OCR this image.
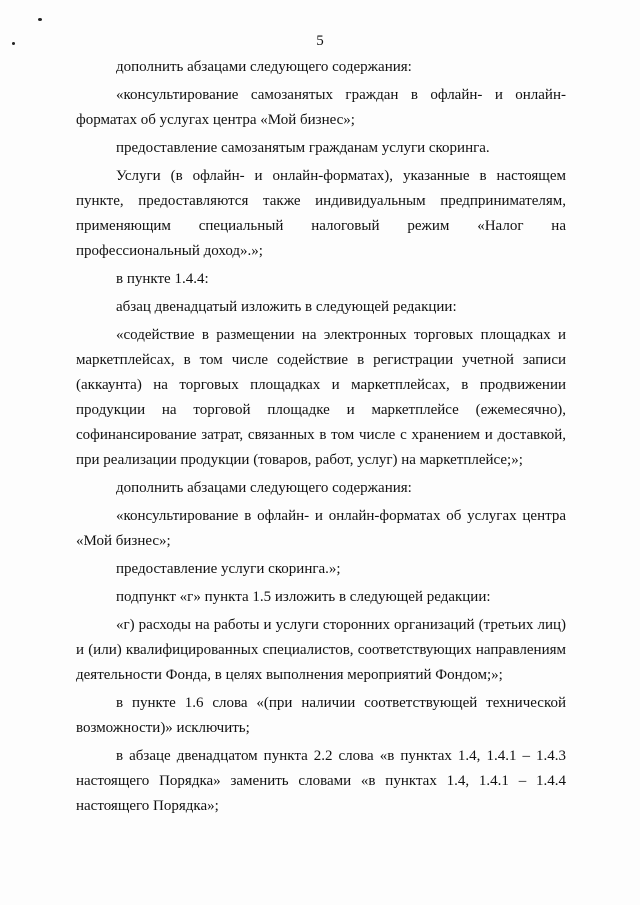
5

дополнить абзацами следующего содержания:

«консультирование самозанятых граждан в офлайн- и онлайн-форматах об услугах центра «Мой бизнес»;

предоставление самозанятым гражданам услуги скоринга.

Услуги (в офлайн- и онлайн-форматах), указанные в настоящем пункте, предоставляются также индивидуальным предпринимателям, применяющим специальный налоговый режим «Налог на профессиональный доход».»;

в пункте 1.4.4:

абзац двенадцатый изложить в следующей редакции:

«содействие в размещении на электронных торговых площадках и маркетплейсах, в том числе содействие в регистрации учетной записи (аккаунта) на торговых площадках и маркетплейсах, в продвижении продукции на торговой площадке и маркетплейсе (ежемесячно), софинансирование затрат, связанных в том числе с хранением и доставкой, при реализации продукции (товаров, работ, услуг) на маркетплейсе;»;

дополнить абзацами следующего содержания:

«консультирование в офлайн- и онлайн-форматах об услугах центра «Мой бизнес»;

предоставление услуги скоринга.»;

подпункт «г» пункта 1.5 изложить в следующей редакции:

«г) расходы на работы и услуги сторонних организаций (третьих лиц) и (или) квалифицированных специалистов, соответствующих направлениям деятельности Фонда, в целях выполнения мероприятий Фондом;»;

в пункте 1.6 слова «(при наличии соответствующей технической возможности)» исключить;

в абзаце двенадцатом пункта 2.2 слова «в пунктах 1.4, 1.4.1 – 1.4.3 настоящего Порядка» заменить словами «в пунктах 1.4, 1.4.1 – 1.4.4 настоящего Порядка»;
